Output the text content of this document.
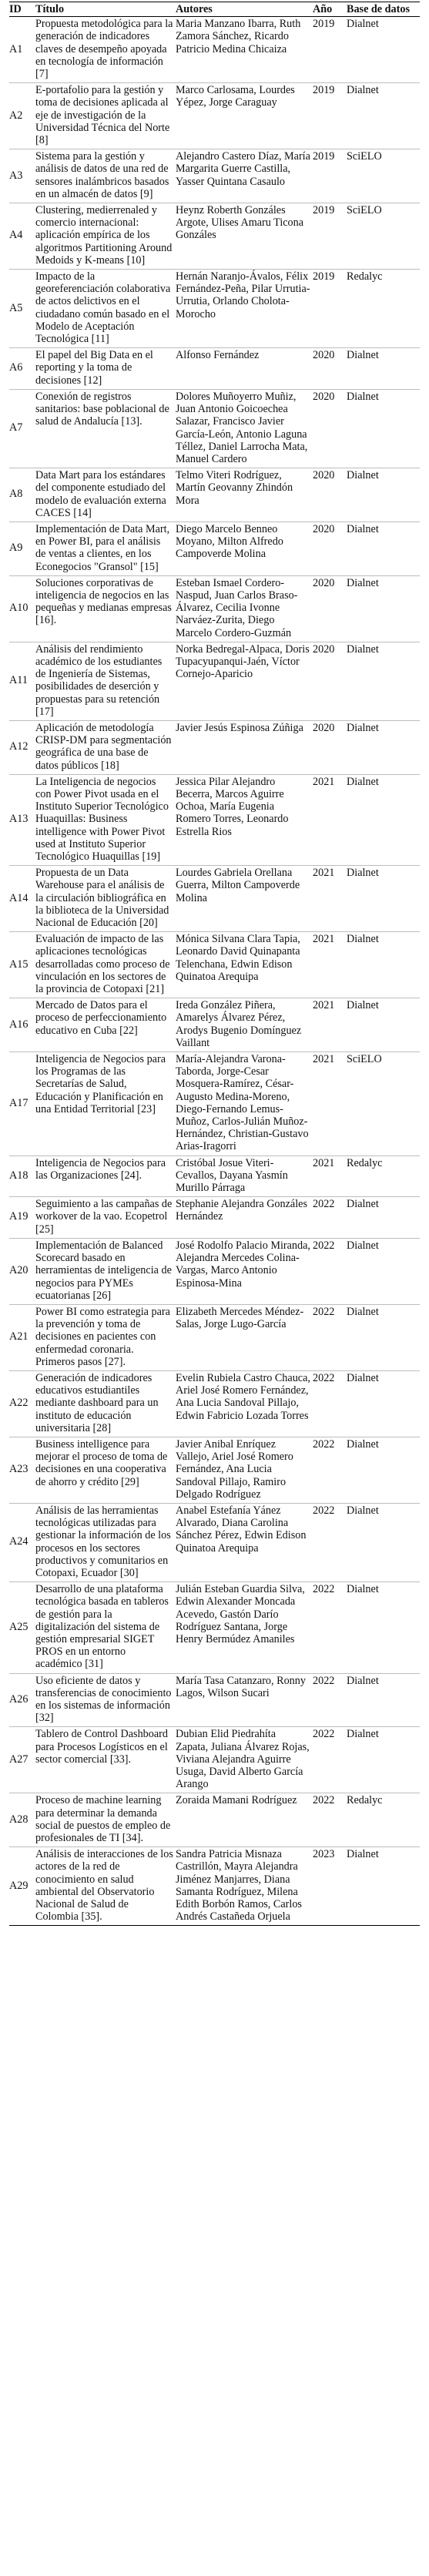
ID	Título	Autores	Año	Base de datos
A1	Propuesta metodológica para la generación de indicadores claves de desempeño apoyada en tecnología de información [7]	Maria Manzano Ibarra, Ruth Zamora Sánchez, Ricardo Patricio Medina Chicaiza	2019	Dialnet
A2	E-portafolio para la gestión y toma de decisiones aplicada al eje de investigación de la Universidad Técnica del Norte [8]	Marco Carlosama, Lourdes Yépez, Jorge Caraguay	2019	Dialnet
A3	Sistema para la gestión y análisis de datos de una red de sensores inalámbricos basados en un almacén de datos [9]	Alejandro Castero Díaz, María Margarita Guerre Castilla, Yasser Quintana Casaulo	2019	SciELO
A4	Clustering, medierrenaled y comercio internacional: aplicación empírica de los algoritmos Partitioning Around Medoids y K-means [10]	Heynz Roberth Gonzáles Argote, Ulises Amaru Ticona Gonzáles	2019	SciELO
A5	Impacto de la georeferenciación colaborativa de actos delictivos en el ciudadano común basado en el Modelo de Aceptación Tecnológica [11]	Hernán Naranjo-Ávalos, Félix Fernández-Peña, Pilar Urrutia-Urrutia, Orlando Cholota-Morocho	2019	Redalyc
A6	El papel del Big Data en el reporting y la toma de decisiones [12]	Alfonso Fernández	2020	Dialnet
A7	Conexión de registros sanitarios: base poblacional de salud de Andalucía [13].	Dolores Muñoyerro Muñiz, Juan Antonio Goicoechea Salazar, Francisco Javier García-León, Antonio Laguna Téllez, Daniel Larrocha Mata, Manuel Cardero	2020	Dialnet
A8	Data Mart para los estándares del componente estudiado del modelo de evaluación externa CACES [14]	Telmo Viteri Rodríguez, Martín Geovanny Zhindón Mora	2020	Dialnet
A9	Implementación de Data Mart, en Power BI, para el análisis de ventas a clientes, en los Econegocios "Gransol" [15]	Diego Marcelo Benneo Moyano, Milton Alfredo Campoverde Molina	2020	Dialnet
A10	Soluciones corporativas de inteligencia de negocios en las pequeñas y medianas empresas [16].	Esteban Ismael Cordero-Naspud, Juan Carlos Braso-Álvarez, Cecilia Ivonne Narváez-Zurita, Diego Marcelo Cordero-Guzmán	2020	Dialnet
A11	Análisis del rendimiento académico de los estudiantes de Ingeniería de Sistemas, posibilidades de deserción y propuestas para su retención [17]	Norka Bedregal-Alpaca, Doris Tupacyupanqui-Jaén, Víctor Cornejo-Aparicio	2020	Dialnet
A12	Aplicación de metodología CRISP-DM para segmentación geográfica de una base de datos públicos [18]	Javier Jesús Espinosa Zúñiga	2020	Dialnet
A13	La Inteligencia de negocios con Power Pivot usada en el Instituto Superior Tecnológico Huaquillas: Business intelligence with Power Pivot used at Instituto Superior Tecnológico Huaquillas [19]	Jessica Pilar Alejandro Becerra, Marcos Aguirre Ochoa, María Eugenia Romero Torres, Leonardo Estrella Rios	2021	Dialnet
A14	Propuesta de un Data Warehouse para el análisis de la circulación bibliográfica en la biblioteca de la Universidad Nacional de Educación [20]	Lourdes Gabriela Orellana Guerra, Milton Campoverde Molina	2021	Dialnet
A15	Evaluación de impacto de las aplicaciones tecnológicas desarrolladas como proceso de vinculación en los sectores de la provincia de Cotopaxi [21]	Mónica Silvana Clara Tapia, Leonardo David Quinapanta Telenchana, Edwin Edison Quinatoa Arequipa	2021	Dialnet
A16	Mercado de Datos para el proceso de perfeccionamiento educativo en Cuba [22]	Ireda González Piñera, Amarelys Álvarez Pérez, Arodys Bugenio Domínguez Vaillant	2021	Dialnet
A17	Inteligencia de Negocios para los Programas de las Secretarías de Salud, Educación y Planificación en una Entidad Territorial [23]	María-Alejandra Varona-Taborda, Jorge-Cesar Mosquera-Ramírez, César-Augusto Medina-Moreno, Diego-Fernando Lemus-Muñoz, Carlos-Julián Muñoz-Hernández, Christian-Gustavo Arias-Iragorri	2021	SciELO
A18	Inteligencia de Negocios para las Organizaciones [24].	Cristóbal Josue Viteri-Cevallos, Dayana Yasmín Murillo Párraga	2021	Redalyc
A19	Seguimiento a las campañas de workover de la vao. Ecopetrol [25]	Stephanie Alejandra Gonzáles Hernández	2022	Dialnet
A20	Implementación de Balanced Scorecard basado en herramientas de inteligencia de negocios para PYMEs ecuatorianas [26]	José Rodolfo Palacio Miranda, Alejandra Mercedes Colina-Vargas, Marco Antonio Espinosa-Mina	2022	Dialnet
A21	Power BI como estrategia para la prevención y toma de decisiones en pacientes con enfermedad coronaria. Primeros pasos [27].	Elizabeth Mercedes Méndez-Salas, Jorge Lugo-García	2022	Dialnet
A22	Generación de indicadores educativos estudiantiles mediante dashboard para un instituto de educación universitaria [28]	Evelin Rubiela Castro Chauca, Ariel José Romero Fernández, Ana Lucia Sandoval Pillajo, Edwin Fabricio Lozada Torres	2022	Dialnet
A23	Business intelligence para mejorar el proceso de toma de decisiones en una cooperativa de ahorro y crédito [29]	Javier Anibal Enríquez Vallejo, Ariel José Romero Fernández, Ana Lucia Sandoval Pillajo, Ramiro Delgado Rodríguez	2022	Dialnet
A24	Análisis de las herramientas tecnológicas utilizadas para gestionar la información de los procesos en los sectores productivos y comunitarios en Cotopaxi, Ecuador [30]	Anabel Estefanía Yánez Alvarado, Diana Carolina Sánchez Pérez, Edwin Edison Quinatoa Arequipa	2022	Dialnet
A25	Desarrollo de una plataforma tecnológica basada en tableros de gestión para la digitalización del sistema de gestión empresarial SIGET PROS en un entorno académico [31]	Julián Esteban Guardia Silva, Edwin Alexander Moncada Acevedo, Gastón Darío Rodríguez Santana, Jorge Henry Bermúdez Amaniles	2022	Dialnet
A26	Uso eficiente de datos y transferencias de conocimiento en los sistemas de información [32]	María Tasa Catanzaro, Ronny Lagos, Wilson Sucari	2022	Dialnet
A27	Tablero de Control Dashboard para Procesos Logísticos en el sector comercial [33].	Dubian Elid Piedrahíta Zapata, Juliana Álvarez Rojas, Viviana Alejandra Aguirre Usuga, David Alberto García Arango	2022	Dialnet
A28	Proceso de machine learning para determinar la demanda social de puestos de empleo de profesionales de TI [34].	Zoraida Mamani Rodríguez	2022	Redalyc
A29	Análisis de interacciones de los actores de la red de conocimiento en salud ambiental del Observatorio Nacional de Salud de Colombia [35].	Sandra Patricia Misnaza Castrillón, Mayra Alejandra Jiménez Manjarres, Diana Samanta Rodríguez, Milena Edith Borbón Ramos, Carlos Andrés Castañeda Orjuela	2023	Dialnet
